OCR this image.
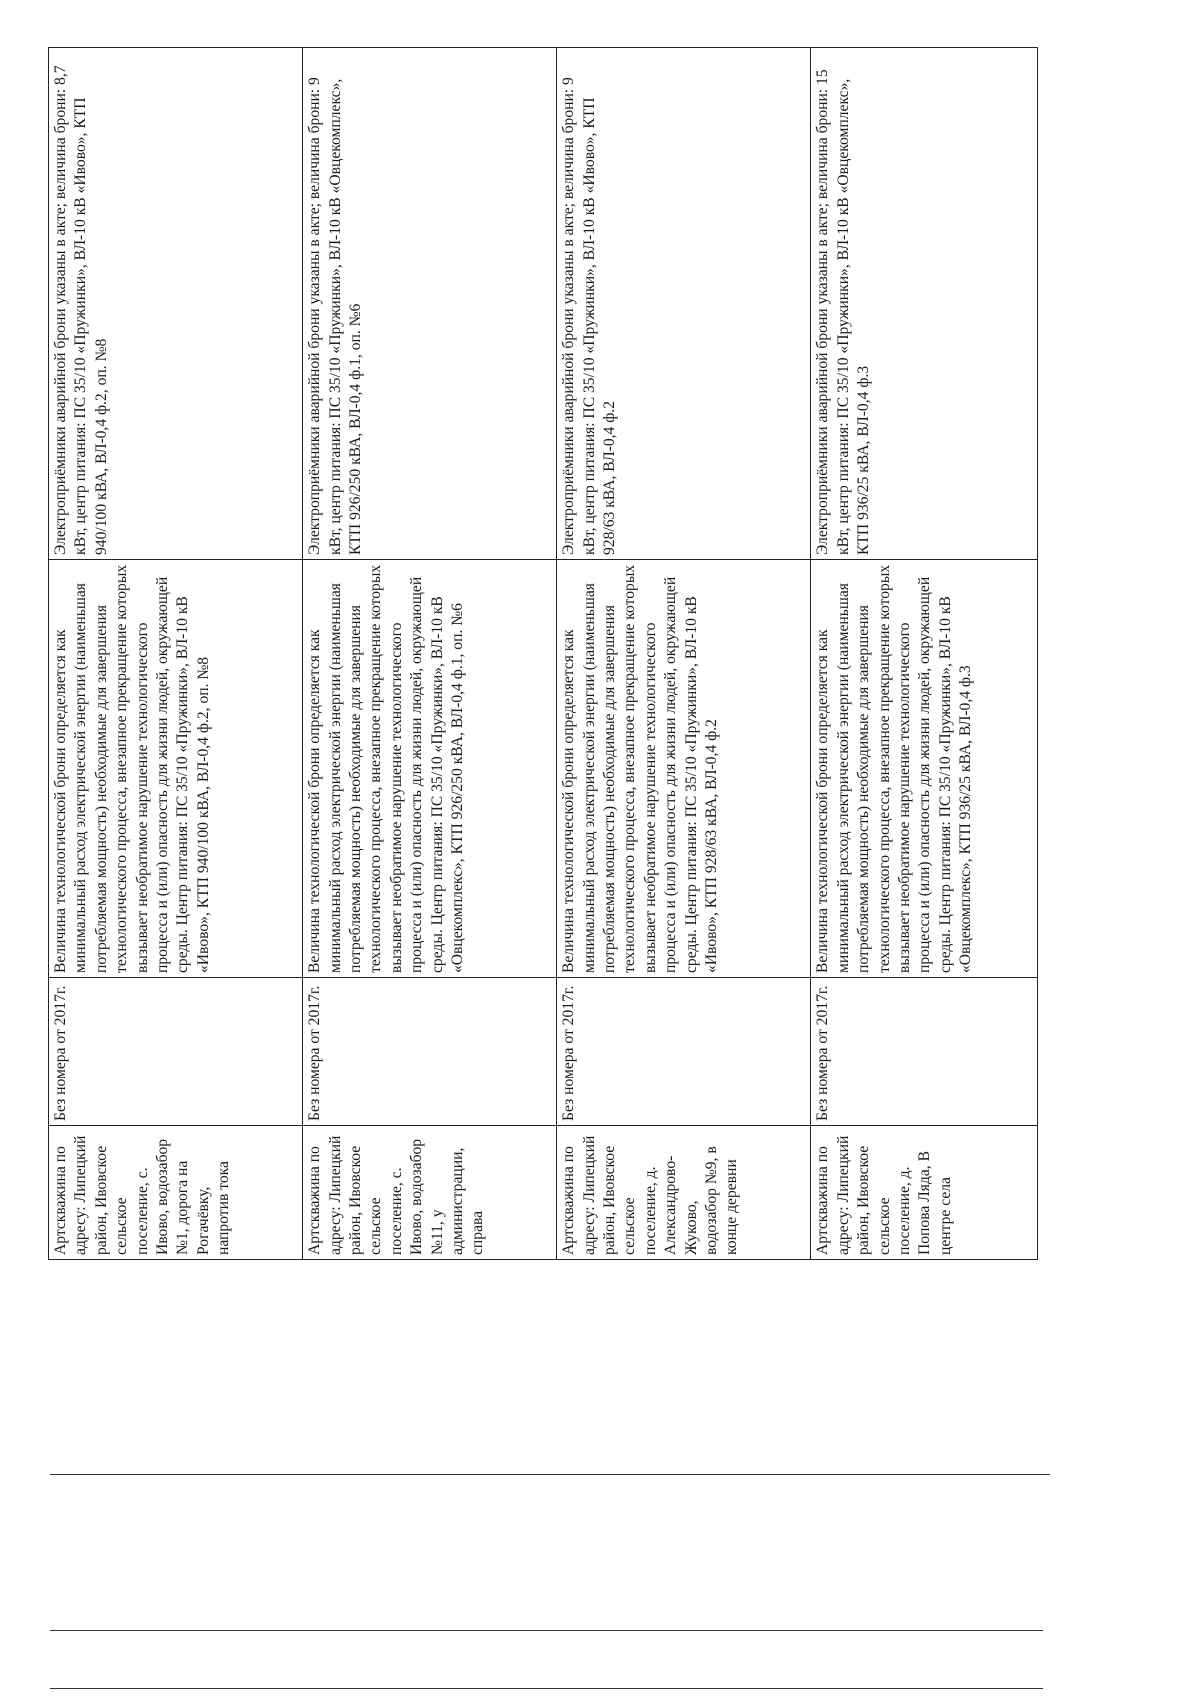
Артскважина по адресу: Липецкий район, Ивовское сельское поселение, с. Ивово, водозабор №1, дорога на Рогачёвку, напротив тока	Без номера от 2017г.	Величина технологической брони определяется как минимальный расход электрической энергии (наименьшая потребляемая мощность) необходимые для завершения технологического процесса, внезапное прекращение которых вызывает необратимое нарушение технологического процесса и (или) опасность для жизни людей, окружающей среды. Центр питания: ПС 35/10 «Пружинки», ВЛ-10 кВ «Ивово», КТП 940/100 кВА, ВЛ-0,4 ф.2, оп. №8	Электроприёмники аварийной брони указаны в акте; величина брони: 8,7 кВт, центр питания: ПС 35/10 «Пружинки», ВЛ-10 кВ «Ивово», КТП 940/100 кВА, ВЛ-0,4 ф.2, оп. №8
Артскважина по адресу: Липецкий район, Ивовское сельское поселение, с. Ивово, водозабор №11, у администрации, справа	Без номера от 2017г.	Величина технологической брони определяется как минимальный расход электрической энергии (наименьшая потребляемая мощность) необходимые для завершения технологического процесса, внезапное прекращение которых вызывает необратимое нарушение технологического процесса и (или) опасность для жизни людей, окружающей среды. Центр питания: ПС 35/10 «Пружинки», ВЛ-10 кВ «Овцекомплекс», КТП 926/250 кВА, ВЛ-0,4 ф.1, оп. №6	Электроприёмники аварийной брони указаны в акте; величина брони: 9 кВт, центр питания: ПС 35/10 «Пружинки», ВЛ-10 кВ «Овцекомплекс», КТП 926/250 кВА, ВЛ-0,4 ф.1, оп. №6
Артскважина по адресу: Липецкий район, Ивовское сельское поселение, д. Александрово-Жуково, водозабор №9, в конце деревни	Без номера от 2017г.	Величина технологической брони определяется как минимальный расход электрической энергии (наименьшая потребляемая мощность) необходимые для завершения технологического процесса, внезапное прекращение которых вызывает необратимое нарушение технологического процесса и (или) опасность для жизни людей, окружающей среды. Центр питания: ПС 35/10 «Пружинки», ВЛ-10 кВ «Ивово», КТП 928/63 кВА, ВЛ-0,4 ф.2	Электроприёмники аварийной брони указаны в акте; величина брони: 9 кВт, центр питания: ПС 35/10 «Пружинки», ВЛ-10 кВ «Ивово», КТП 928/63 кВА, ВЛ-0,4 ф.2
Артскважина по адресу: Липецкий район, Ивовское сельское поселение, д. Попова Ляда, В центре села	Без номера от 2017г.	Величина технологической брони определяется как минимальный расход электрической энергии (наименьшая потребляемая мощность) необходимые для завершения технологического процесса, внезапное прекращение которых вызывает необратимое нарушение технологического процесса и (или) опасность для жизни людей, окружающей среды. Центр питания: ПС 35/10 «Пружинки», ВЛ-10 кВ «Овцекомплекс», КТП 936/25 кВА, ВЛ-0,4 ф.3	Электроприёмники аварийной брони указаны в акте; величина брони: 15 кВт, центр питания: ПС 35/10 «Пружинки», ВЛ-10 кВ «Овцекомплекс», КТП 936/25 кВА, ВЛ-0,4 ф.3
